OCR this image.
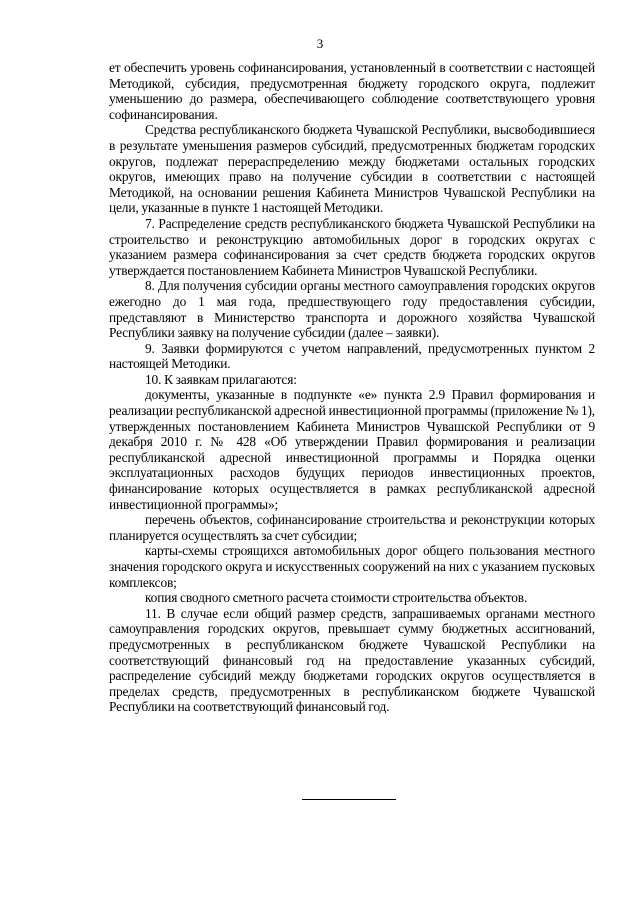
3

ет обеспечить уровень софинансирования, установленный в соответствии с настоящей Методикой, субсидия, предусмотренная бюджету городского округа, подлежит уменьшению до размера, обеспечивающего соблюдение соответствующего уровня софинансирования.

Средства республиканского бюджета Чувашской Республики, высвободившиеся в результате уменьшения размеров субсидий, предусмотренных бюджетам городских округов, подлежат перераспределению между бюджетами остальных городских округов, имеющих право на получение субсидии в соответствии с настоящей Методикой, на основании решения Кабинета Министров Чувашской Республики на цели, указанные в пункте 1 настоящей Методики.

7. Распределение средств республиканского бюджета Чувашской Республики на строительство и реконструкцию автомобильных дорог в городских округах с указанием размера софинансирования за счет средств бюджета городских округов утверждается постановлением Кабинета Министров Чувашской Республики.

8. Для получения субсидии органы местного самоуправления городских округов ежегодно до 1 мая года, предшествующего году предоставления субсидии, представляют в Министерство транспорта и дорожного хозяйства Чувашской Республики заявку на получение субсидии (далее – заявки).

9. Заявки формируются с учетом направлений, предусмотренных пунктом 2 настоящей Методики.

10. К заявкам прилагаются:

документы, указанные в подпункте «е» пункта 2.9 Правил формирования и реализации республиканской адресной инвестиционной программы (приложение № 1), утвержденных постановлением Кабинета Министров Чувашской Республики от 9 декабря 2010 г. № 428 «Об утверждении Правил формирования и реализации республиканской адресной инвестиционной программы и Порядка оценки эксплуатационных расходов будущих периодов инвестиционных проектов, финансирование которых осуществляется в рамках республиканской адресной инвестиционной программы»;

перечень объектов, софинансирование строительства и реконструкции которых планируется осуществлять за счет субсидии;

карты-схемы строящихся автомобильных дорог общего пользования местного значения городского округа и искусственных сооружений на них с указанием пусковых комплексов;

копия сводного сметного расчета стоимости строительства объектов.

11. В случае если общий размер средств, запрашиваемых органами местного самоуправления городских округов, превышает сумму бюджетных ассигнований, предусмотренных в республиканском бюджете Чувашской Республики на соответствующий финансовый год на предоставление указанных субсидий, распределение субсидий между бюджетами городских округов осуществляется в пределах средств, предусмотренных в республиканском бюджете Чувашской Республики на соответствующий финансовый год.
